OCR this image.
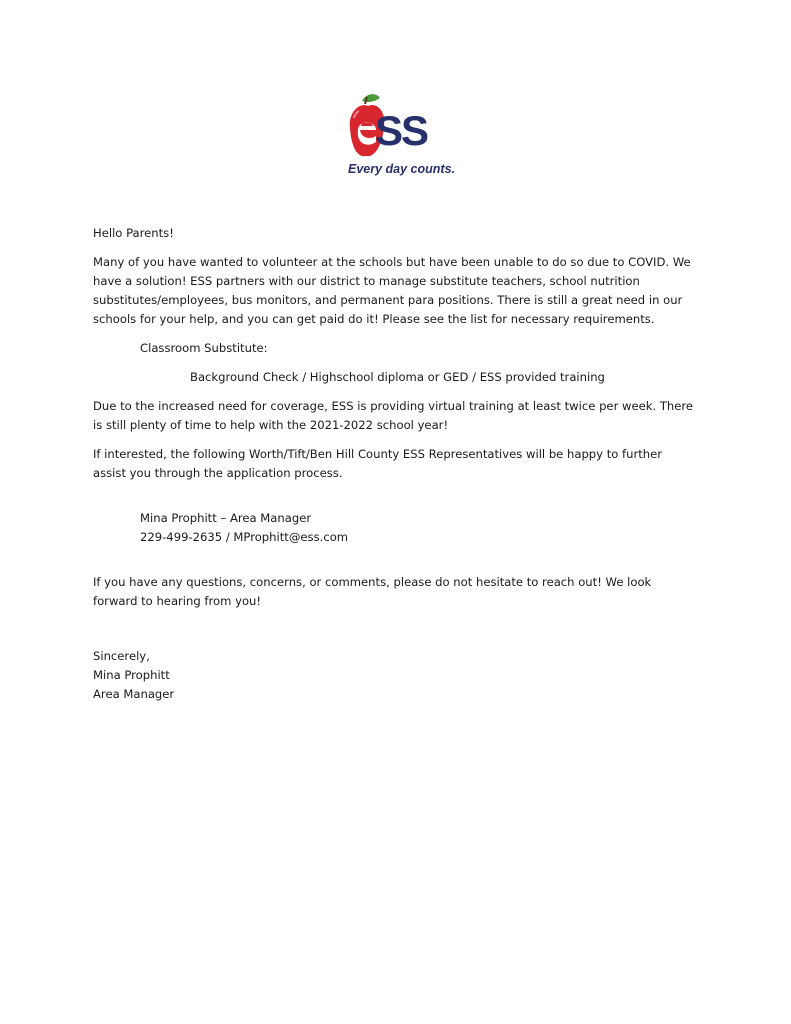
SS
Every day counts.

Hello Parents!

Many of you have wanted to volunteer at the schools but have been unable to do so due to COVID. We have a solution! ESS partners with our district to manage substitute teachers, school nutrition substitutes/employees, bus monitors, and permanent para positions. There is still a great need in our schools for your help, and you can get paid do it! Please see the list for necessary requirements.

Classroom Substitute:

Background Check / Highschool diploma or GED / ESS provided training

Due to the increased need for coverage, ESS is providing virtual training at least twice per week. There is still plenty of time to help with the 2021-2022 school year!

If interested, the following Worth/Tift/Ben Hill County ESS Representatives will be happy to further assist you through the application process.

Mina Prophitt – Area Manager
229-499-2635 / MProphitt@ess.com

If you have any questions, concerns, or comments, please do not hesitate to reach out! We look forward to hearing from you!

Sincerely,
Mina Prophitt
Area Manager
